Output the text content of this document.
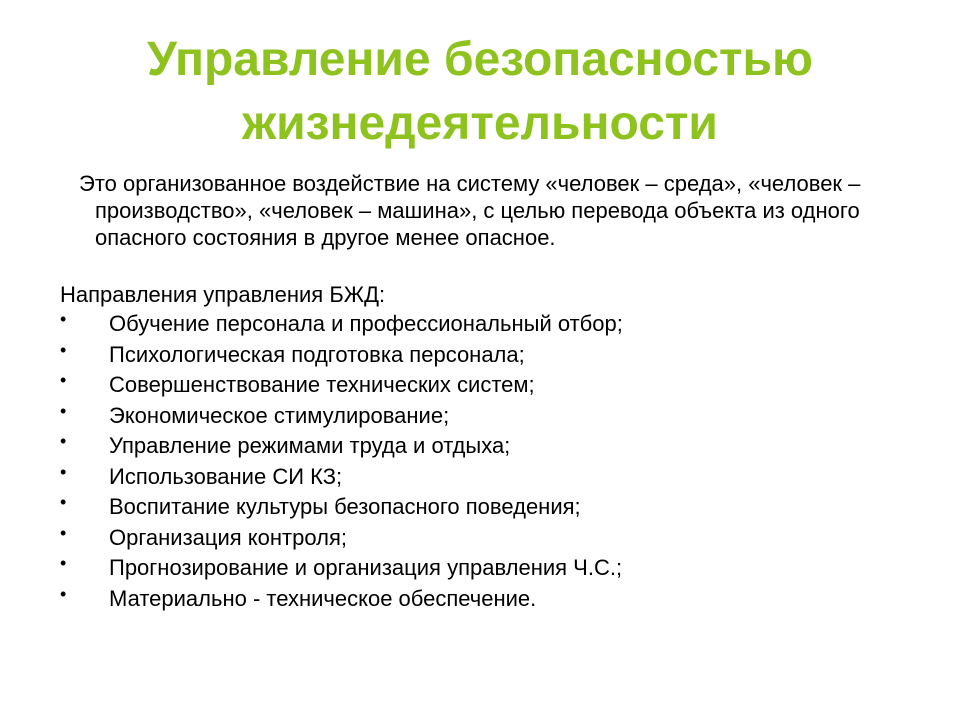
Управление безопасностью
жизнедеятельности
Это организованное воздействие на систему «человек – среда», «человек – производство», «человек – машина», с целью перевода объекта из одного опасного состояния в другое менее опасное.
Направления управления БЖД:
• Обучение персонала и профессиональный отбор;
• Психологическая подготовка персонала;
• Совершенствование технических систем;
• Экономическое стимулирование;
• Управление режимами труда и отдыха;
• Использование СИ КЗ;
• Воспитание культуры безопасного поведения;
• Организация контроля;
• Прогнозирование и организация управления Ч.С.;
• Материально - техническое обеспечение.
